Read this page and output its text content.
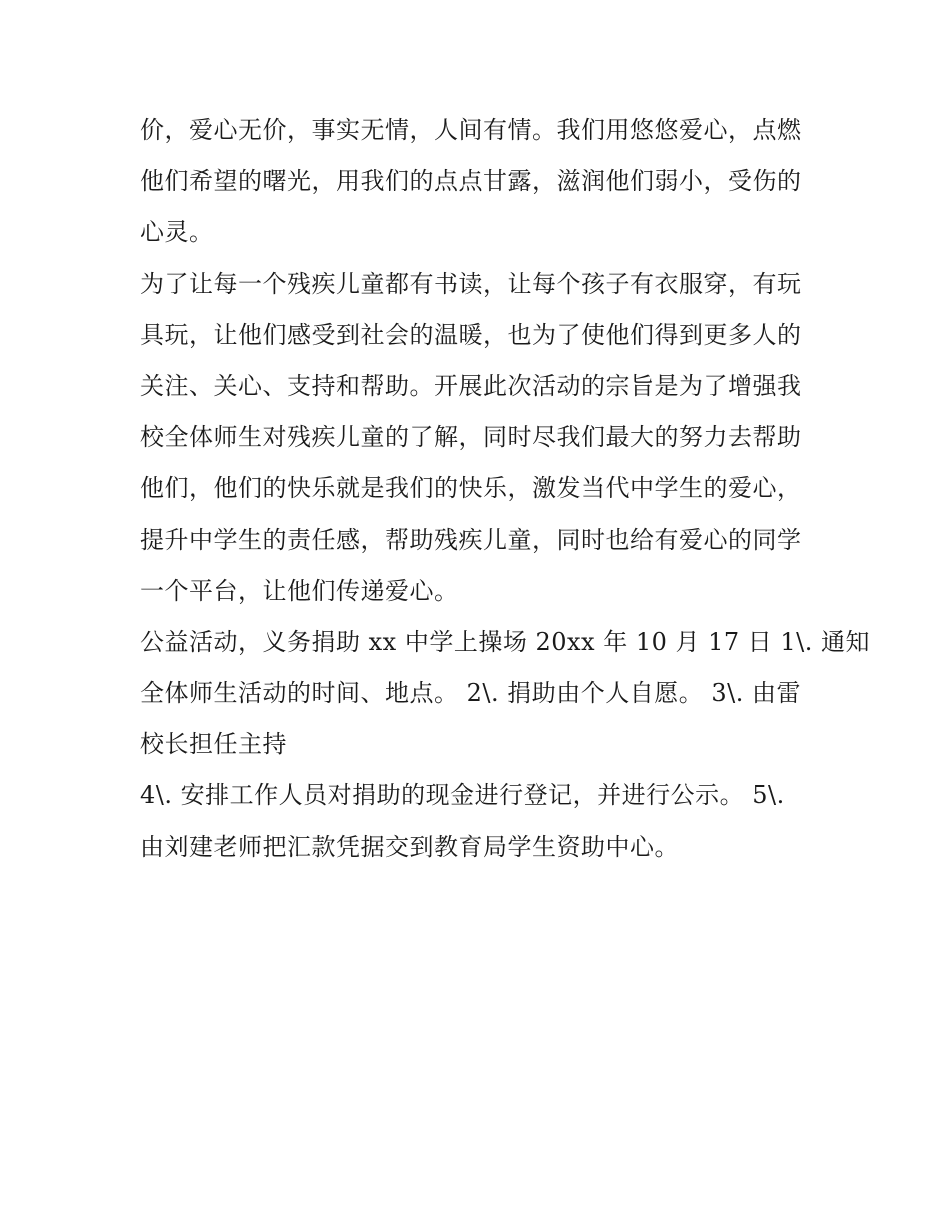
价，爱心无价，事实无情，人间有情。我们用悠悠爱心，点燃
他们希望的曙光，用我们的点点甘露，滋润他们弱小，受伤的
心灵。
为了让每一个残疾儿童都有书读，让每个孩子有衣服穿，有玩
具玩，让他们感受到社会的温暖，也为了使他们得到更多人的
关注、关心、支持和帮助。开展此次活动的宗旨是为了增强我
校全体师生对残疾儿童的了解，同时尽我们最大的努力去帮助
他们，他们的快乐就是我们的快乐，激发当代中学生的爱心，
提升中学生的责任感，帮助残疾儿童，同时也给有爱心的同学
一个平台，让他们传递爱心。
公益活动，义务捐助 xx 中学上操场 20xx 年 10 月 17 日 1\. 通知
全体师生活动的时间、地点。 2\. 捐助由个人自愿。 3\. 由雷
校长担任主持
4\. 安排工作人员对捐助的现金进行登记，并进行公示。 5\.
由刘建老师把汇款凭据交到教育局学生资助中心。
